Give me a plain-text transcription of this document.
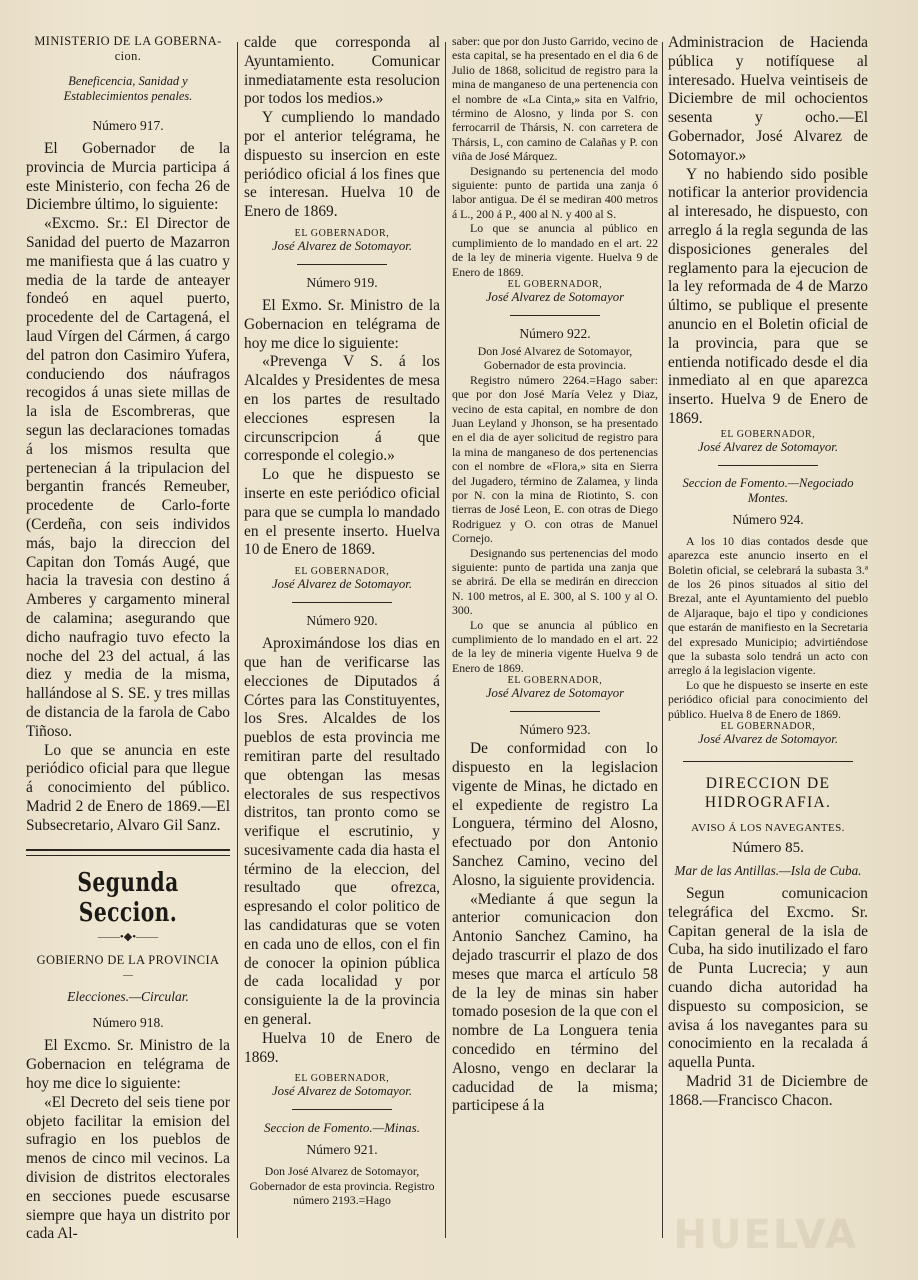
MINISTERIO DE LA GOBERNA- cion.

Beneficencia, Sanidad y Establecimientos penales.

Número 917.

El Gobernador de la provincia de Murcia participa á este Ministerio, con fecha 26 de Diciembre último, lo siguiente:

«Excmo. Sr.: El Director de Sanidad del puerto de Mazarron me manifiesta que á las cuatro y media de la tarde de anteayer fondeó en aquel puerto, procedente del de Cartagená, el laud Vírgen del Cármen, á cargo del patron don Casimiro Yufera, conduciendo dos náufragos recogidos á unas siete millas de la isla de Escombreras, que segun las declaraciones tomadas á los mismos resulta que pertenecian á la tripulacion del bergantin francés Remeuber, procedente de Carlo-forte (Cerdeña, con seis individos más, bajo la direccion del Capitan don Tomás Augé, que hacia la travesia con destino á Amberes y cargamento mineral de calamina; asegurando que dicho naufragio tuvo efecto la noche del 23 del actual, á las diez y media de la misma, hallándose al S. SE. y tres millas de distancia de la farola de Cabo Tiñoso.

Lo que se anuncia en este periódico oficial para que llegue á conocimiento del público. Madrid 2 de Enero de 1869.—El Subsecretario, Alvaro Gil Sanz.

Segunda Seccion.

——•◆•——

GOBIERNO DE LA PROVINCIA

—

Elecciones.—Circular.

Número 918.

El Excmo. Sr. Ministro de la Gobernacion en telégrama de hoy me dice lo siguiente:

«El Decreto del seis tiene por objeto facilitar la emision del sufragio en los pueblos de menos de cinco mil vecinos. La division de distritos electorales en secciones puede escusarse siempre que haya un distrito por cada Al-

calde que corresponda al Ayuntamiento. Comunicar inmediatamente esta resolucion por todos los medios.»

Y cumpliendo lo mandado por el anterior telégrama, he dispuesto su insercion en este periódico oficial á los fines que se interesan. Huelva 10 de Enero de 1869.

EL GOBERNADOR,

José Alvarez de Sotomayor.

Número 919.

El Exmo. Sr. Ministro de la Gobernacion en telégrama de hoy me dice lo siguiente:

«Prevenga V S. á los Alcaldes y Presidentes de mesa en los partes de resultado elecciones espresen la circunscripcion á que corresponde el colegio.»

Lo que he dispuesto se inserte en este periódico oficial para que se cumpla lo mandado en el presente inserto. Huelva 10 de Enero de 1869.

EL GOBERNADOR,

José Alvarez de Sotomayor.

Número 920.

Aproximándose los dias en que han de verificarse las elecciones de Diputados á Córtes para las Constituyentes, los Sres. Alcaldes de los pueblos de esta provincia me remitiran parte del resultado que obtengan las mesas electorales de sus respectivos distritos, tan pronto como se verifique el escrutinio, y sucesivamente cada dia hasta el término de la eleccion, del resultado que ofrezca, espresando el color politico de las candidaturas que se voten en cada uno de ellos, con el fin de conocer la opinion pública de cada localidad y por consiguiente la de la provincia en general.

Huelva 10 de Enero de 1869.

EL GOBERNADOR,

José Alvarez de Sotomayor.

Seccion de Fomento.—Minas.

Número 921.

Don José Alvarez de Sotomayor, Gobernador de esta provincia. Registro número 2193.=Hago

saber: que por don Justo Garrido, vecino de esta capital, se ha presentado en el dia 6 de Julio de 1868, solicitud de registro para la mina de manganeso de una pertenencia con el nombre de «La Cinta,» sita en Valfrio, término de Alosno, y linda por S. con ferrocarril de Thársis, N. con carretera de Thársis, L, con camino de Calañas y P. con viña de José Márquez.

Designando su pertenencia del modo siguiente: punto de partida una zanja ó labor antigua. De él se mediran 400 metros á L., 200 á P., 400 al N. y 400 al S.

Lo que se anuncia al público en cumplimiento de lo mandado en el art. 22 de la ley de mineria vigente. Huelva 9 de Enero de 1869.

EL GOBERNADOR,

José Alvarez de Sotomayor

Número 922.

Don José Alvarez de Sotomayor, Gobernador de esta provincia.

Registro número 2264.=Hago saber: que por don José María Velez y Diaz, vecino de esta capital, en nombre de don Juan Leyland y Jhonson, se ha presentado en el dia de ayer solicitud de registro para la mina de manganeso de dos pertenencias con el nombre de «Flora,» sita en Sierra del Jugadero, término de Zalamea, y linda por N. con la mina de Riotinto, S. con tierras de José Leon, E. con otras de Diego Rodriguez y O. con otras de Manuel Cornejo.

Designando sus pertenencias del modo siguiente: punto de partida una zanja que se abrirá. De ella se medirán en direccion N. 100 metros, al E. 300, al S. 100 y al O. 300.

Lo que se anuncia al público en cumplimiento de lo mandado en el art. 22 de la ley de mineria vigente Huelva 9 de Enero de 1869.

EL GOBERNADOR,

José Alvarez de Sotomayor

Número 923.

De conformidad con lo dispuesto en la legislacion vigente de Minas, he dictado en el expediente de registro La Longuera, término del Alosno, efectuado por don Antonio Sanchez Camino, vecino del Alosno, la siguiente providencia.

«Mediante á que segun la anterior comunicacion don Antonio Sanchez Camino, ha dejado trascurrir el plazo de dos meses que marca el artículo 58 de la ley de minas sin haber tomado posesion de la que con el nombre de La Longuera tenia concedido en término del Alosno, vengo en declarar la caducidad de la misma; participese á la

Administracion de Hacienda pública y notifíquese al interesado. Huelva veintiseis de Diciembre de mil ochocientos sesenta y ocho.—El Gobernador, José Alvarez de Sotomayor.»

Y no habiendo sido posible notificar la anterior providencia al interesado, he dispuesto, con arreglo á la regla segunda de las disposiciones generales del reglamento para la ejecucion de la ley reformada de 4 de Marzo último, se publique el presente anuncio en el Boletin oficial de la provincia, para que se entienda notificado desde el dia inmediato al en que aparezca inserto. Huelva 9 de Enero de 1869.

EL GOBERNADOR,

José Alvarez de Sotomayor.

Seccion de Fomento.—Negociado Montes.

Número 924.

A los 10 dias contados desde que aparezca este anuncio inserto en el Boletin oficial, se celebrará la subasta 3.ª de los 26 pinos situados al sitio del Brezal, ante el Ayuntamiento del pueblo de Aljaraque, bajo el tipo y condiciones que estarán de manifiesto en la Secretaria del expresado Municipio; advirtiéndose que la subasta solo tendrá un acto con arreglo á la legislacion vigente.

Lo que he dispuesto se inserte en este periódico oficial para conocimiento del público. Huelva 8 de Enero de 1869.

EL GOBERNADOR,

José Alvarez de Sotomayor.

DIRECCION DE HIDROGRAFIA.

AVISO Á LOS NAVEGANTES.

Número 85.

Mar de las Antillas.—Isla de Cuba.

Segun comunicacion telegráfica del Excmo. Sr. Capitan general de la isla de Cuba, ha sido inutilizado el faro de Punta Lucrecia; y aun cuando dicha autoridad ha dispuesto su composicion, se avisa á los navegantes para su conocimiento en la recalada á aquella Punta.

Madrid 31 de Diciembre de 1868.—Francisco Chacon.

HUELVA
